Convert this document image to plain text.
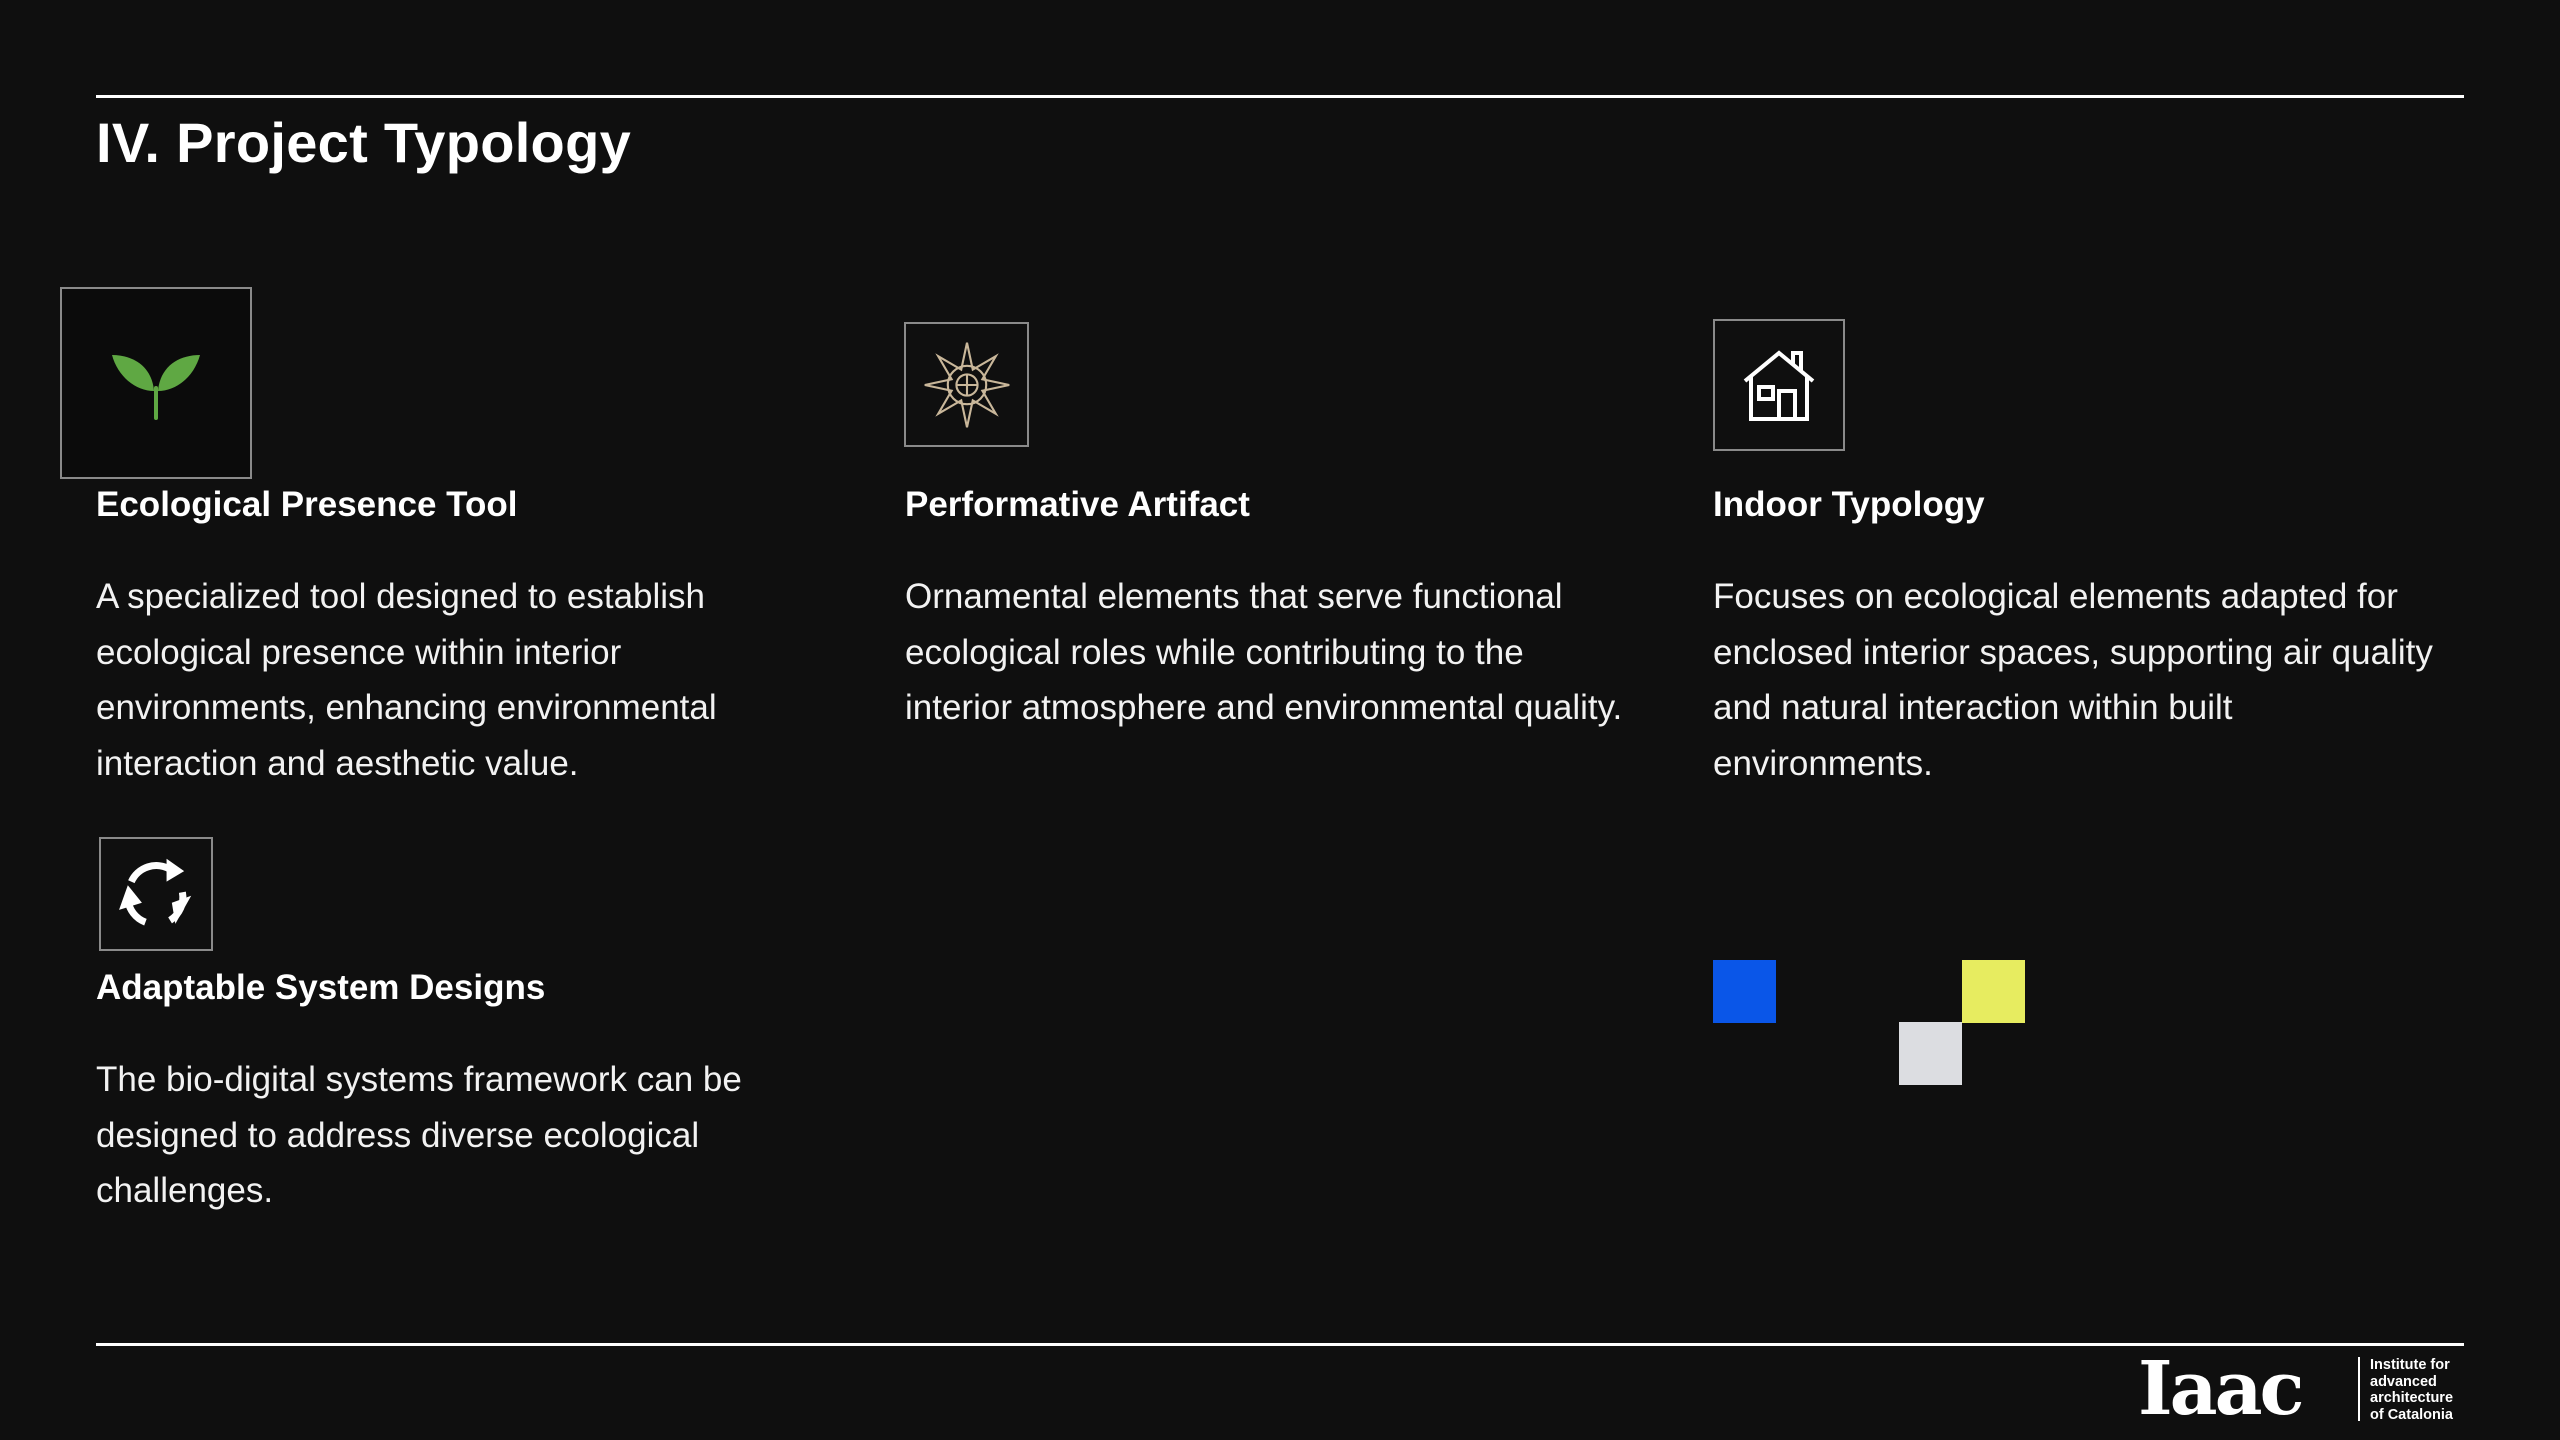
IV. Project Typology
Ecological Presence Tool
A specialized tool designed to establish ecological presence within interior environments, enhancing environmental interaction and aesthetic value.
Performative Artifact
Ornamental elements that serve functional ecological roles while contributing to the interior atmosphere and environmental quality.
Indoor Typology
Focuses on ecological elements adapted for enclosed interior spaces, supporting air quality and natural interaction within built environments.
Adaptable System Designs
The bio-digital systems framework can be designed to address diverse ecological challenges.
Iaac	Institute for
advanced
architecture
of Catalonia
